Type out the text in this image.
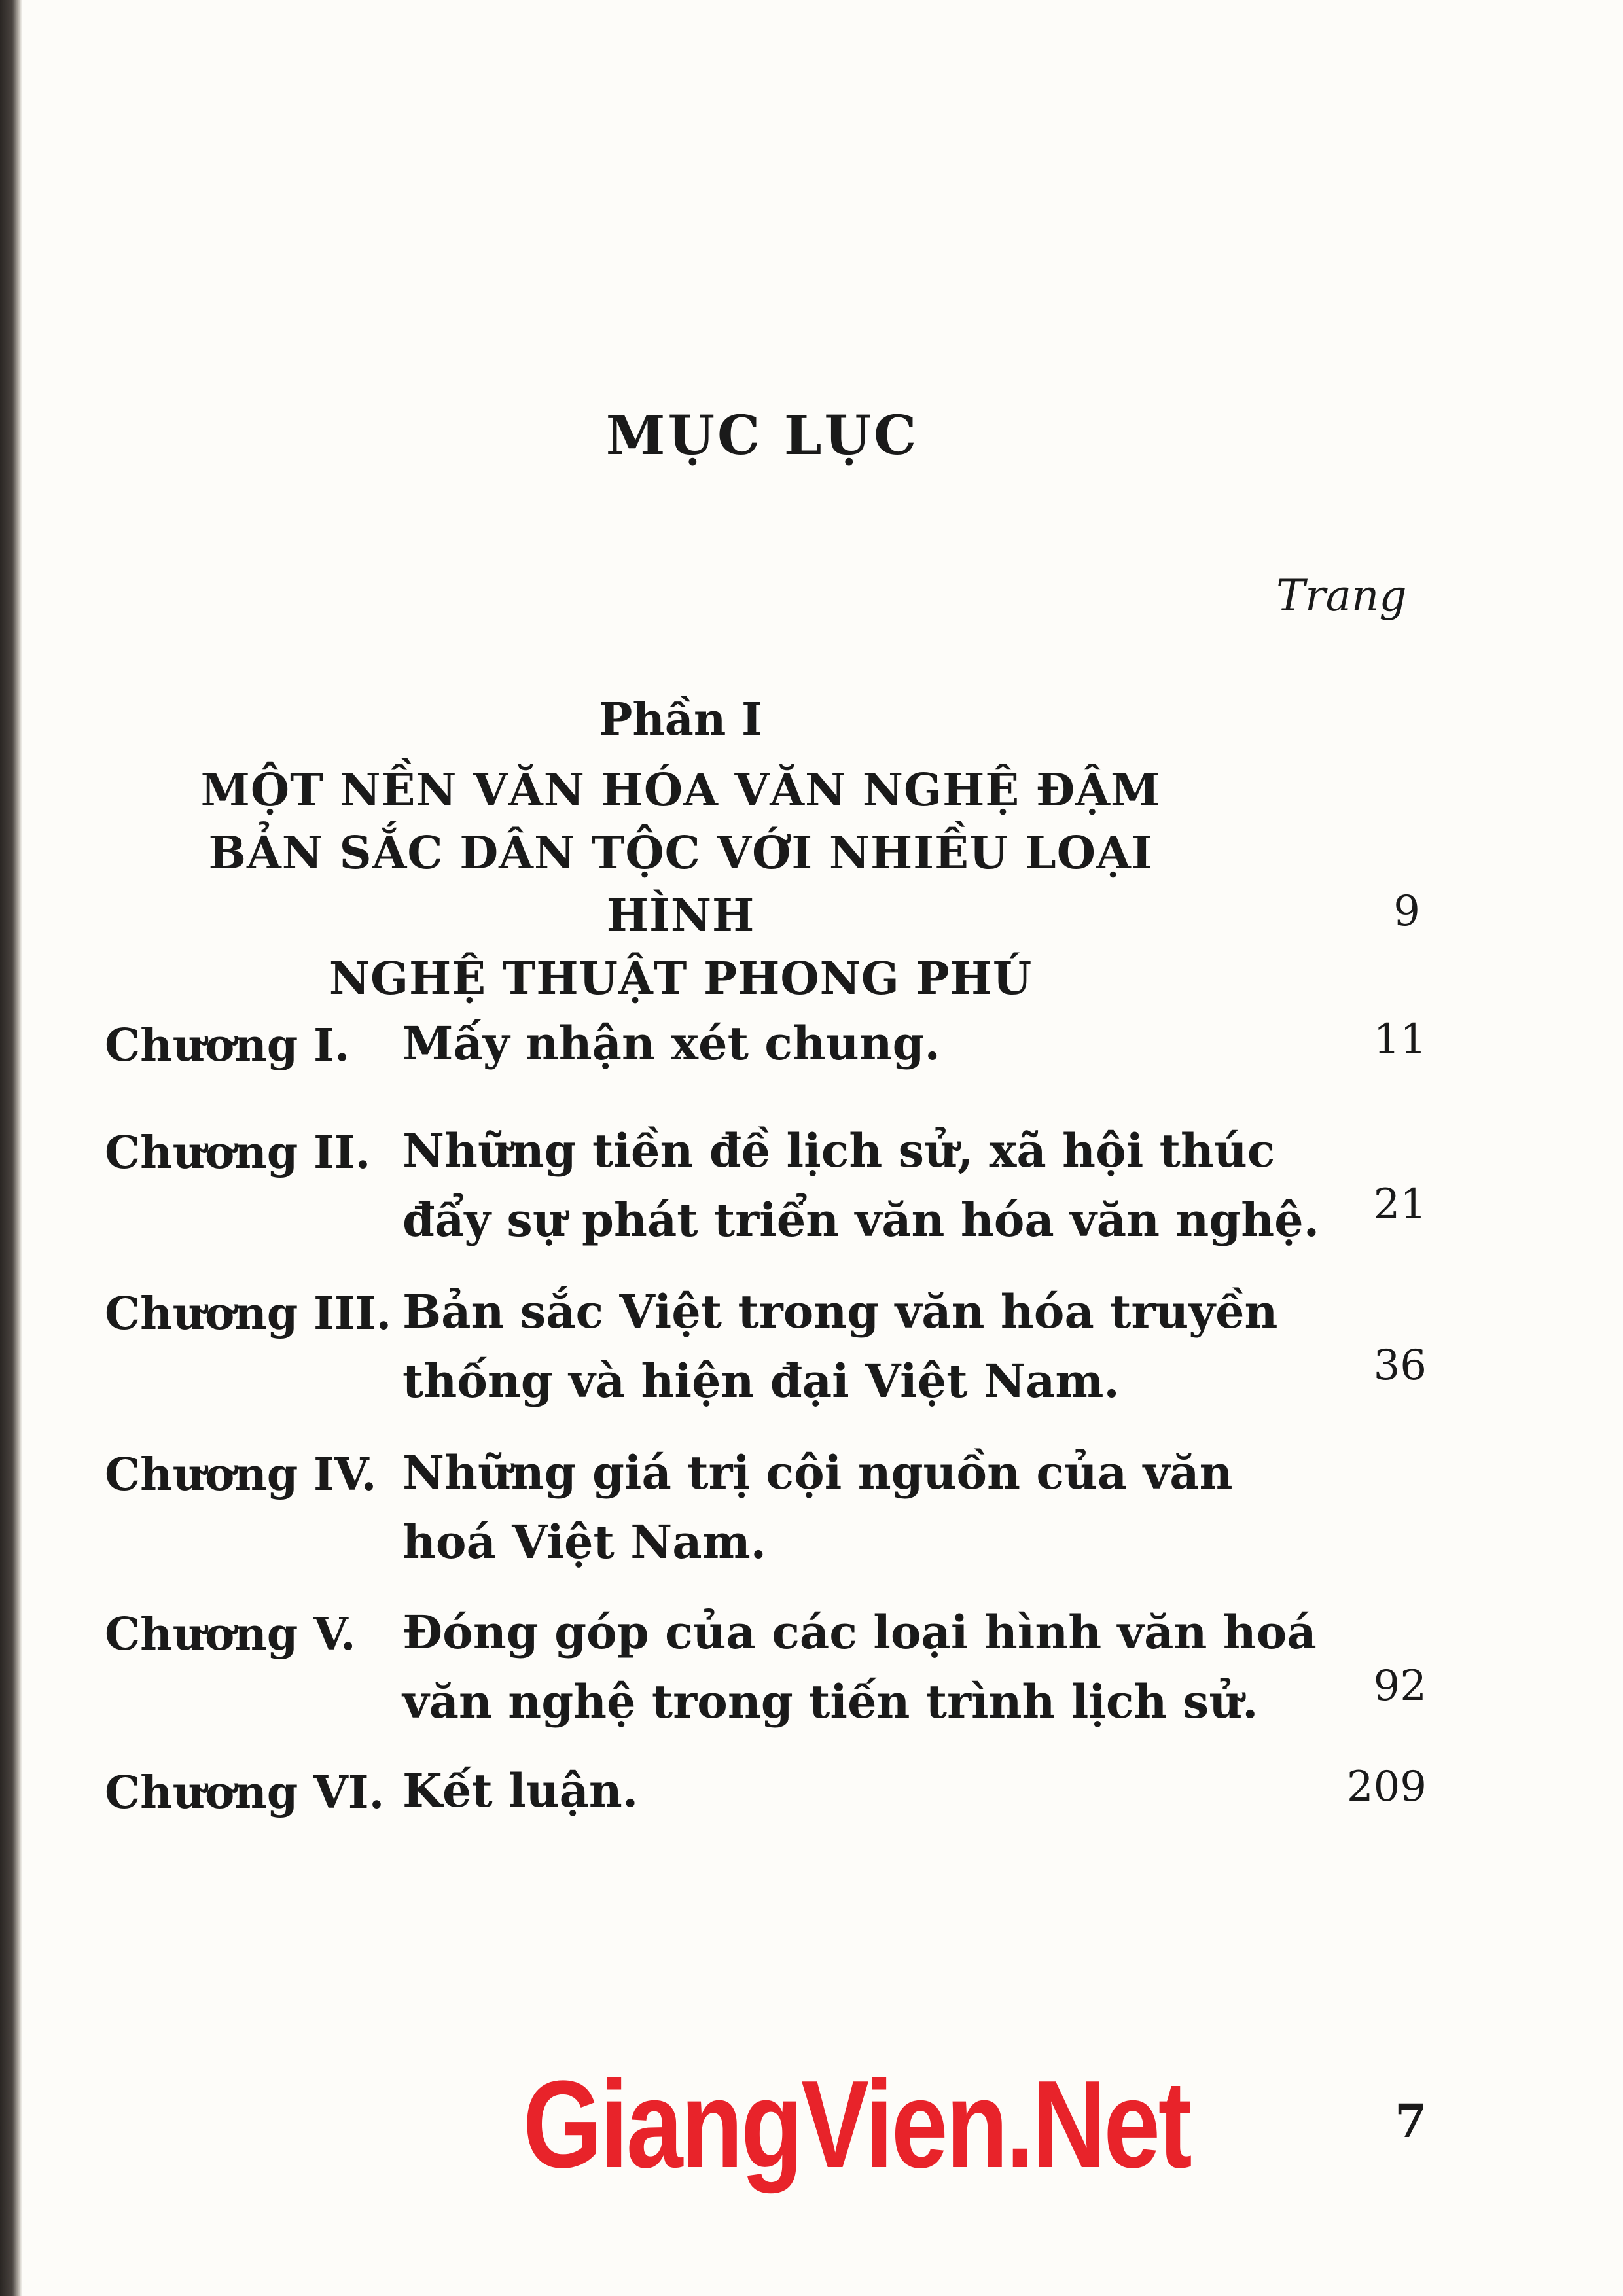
MỤC LỤC
Trang
Phần I
MỘT NỀN VĂN HÓA VĂN NGHỆ ĐẬM
BẢN SẮC DÂN TỘC VỚI NHIỀU LOẠI HÌNH
NGHỆ THUẬT PHONG PHÚ
9
Chương I. Mấy nhận xét chung.	11
Chương II. Những tiền đề lịch sử, xã hội thúc
đẩy sự phát triển văn hóa văn nghệ.	21
Chương III. Bản sắc Việt trong văn hóa truyền
thống và hiện đại Việt Nam.	36
Chương IV. Những giá trị cội nguồn của văn
hoá Việt Nam.
Chương V. Đóng góp của các loại hình văn hoá
văn nghệ trong tiến trình lịch sử.	92
Chương VI. Kết luận.	209
GiangVien.Net	7
